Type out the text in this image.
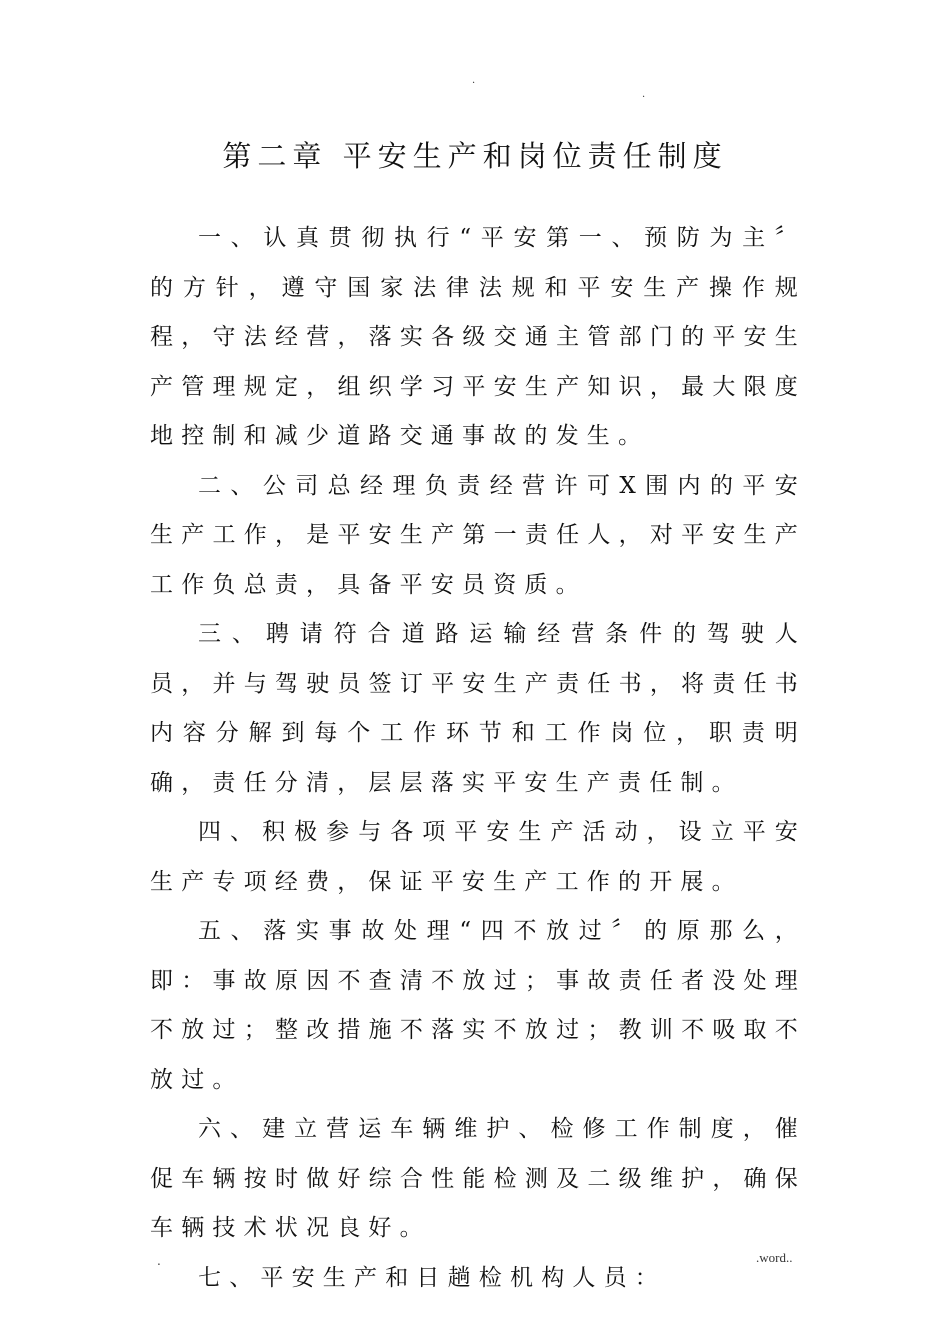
.
.
第二章 平安生产和岗位责任制度

一、认真贯彻执行“平安第一、预防为主〞的方针，遵守国家法律法规和平安生产操作规程，守法经营，落实各级交通主管部门的平安生产管理规定，组织学习平安生产知识，最大限度地控制和减少道路交通事故的发生。

二、公司总经理负责经营许可X围内的平安生产工作，是平安生产第一责任人，对平安生产工作负总责，具备平安员资质。

三、聘请符合道路运输经营条件的驾驶人员，并与驾驶员签订平安生产责任书，将责任书内容分解到每个工作环节和工作岗位，职责明确，责任分清，层层落实平安生产责任制。

四、积极参与各项平安生产活动，设立平安生产专项经费，保证平安生产工作的开展。

五、落实事故处理“四不放过〞的原那么，即：事故原因不查清不放过；事故责任者没处理不放过；整改措施不落实不放过；教训不吸取不放过。

六、建立营运车辆维护、检修工作制度，催促车辆按时做好综合性能检测及二级维护，确保车辆技术状况良好。

七、平安生产和日趟检机构人员：

.	.word..
